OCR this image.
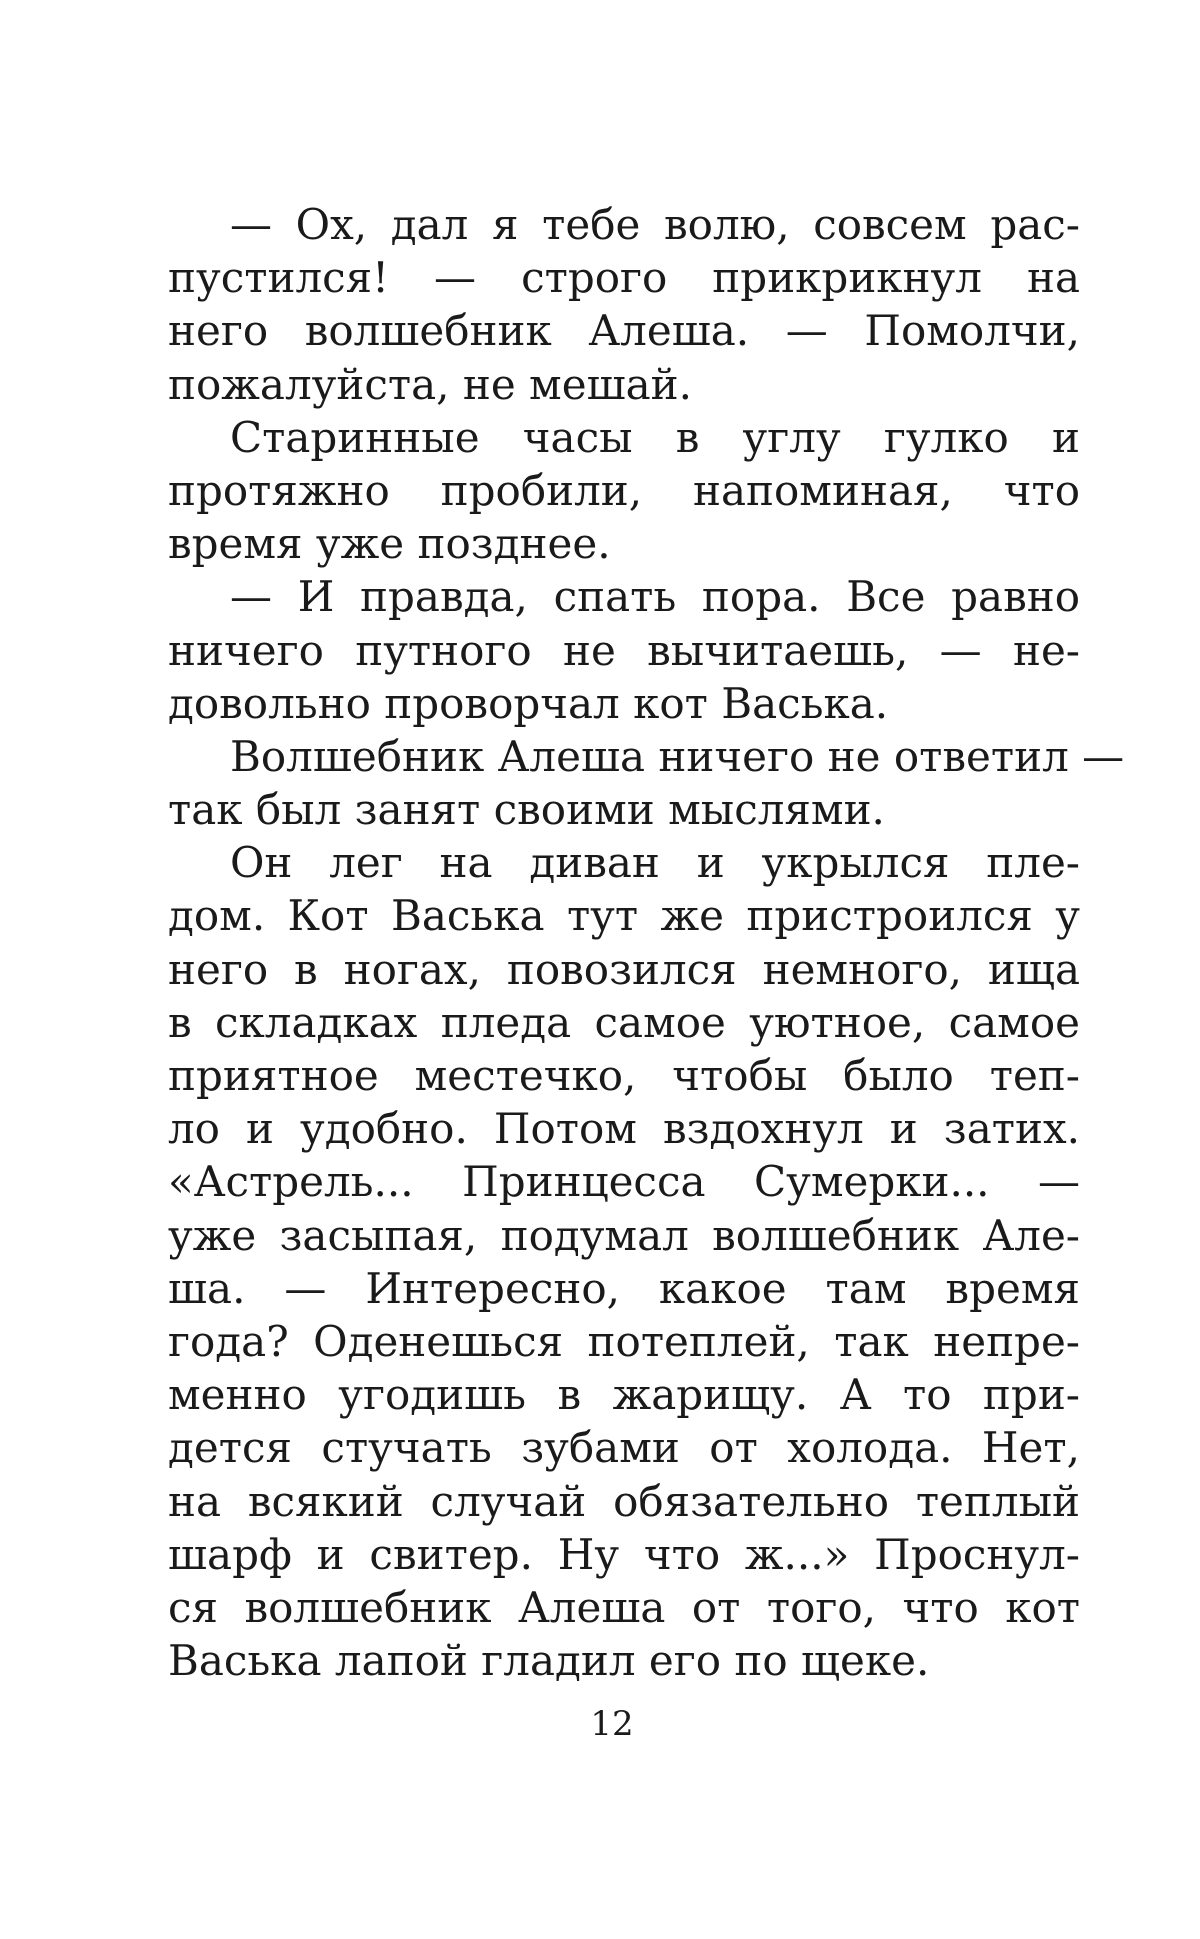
— Ох, дал я тебе волю, совсем рас-
пустился! — строго прикрикнул на
него волшебник Алеша. — Помолчи,
пожалуйста, не мешай.
Старинные часы в углу гулко и
протяжно пробили, напоминая, что
время уже позднее.
— И правда, спать пора. Все равно
ничего путного не вычитаешь, — не-
довольно проворчал кот Васька.
Волшебник Алеша ничего не ответил —
так был занят своими мыслями.
Он лег на диван и укрылся пле-
дом. Кот Васька тут же пристроился у
него в ногах, повозился немного, ища
в складках пледа самое уютное, самое
приятное местечко, чтобы было теп-
ло и удобно. Потом вздохнул и затих.
«Астрель... Принцесса Сумерки... —
уже засыпая, подумал волшебник Але-
ша. — Интересно, какое там время
года? Оденешься потеплей, так непре-
менно угодишь в жарищу. А то при-
дется стучать зубами от холода. Нет,
на всякий случай обязательно теплый
шарф и свитер. Ну что ж...» Проснул-
ся волшебник Алеша от того, что кот
Васька лапой гладил его по щеке.
12
